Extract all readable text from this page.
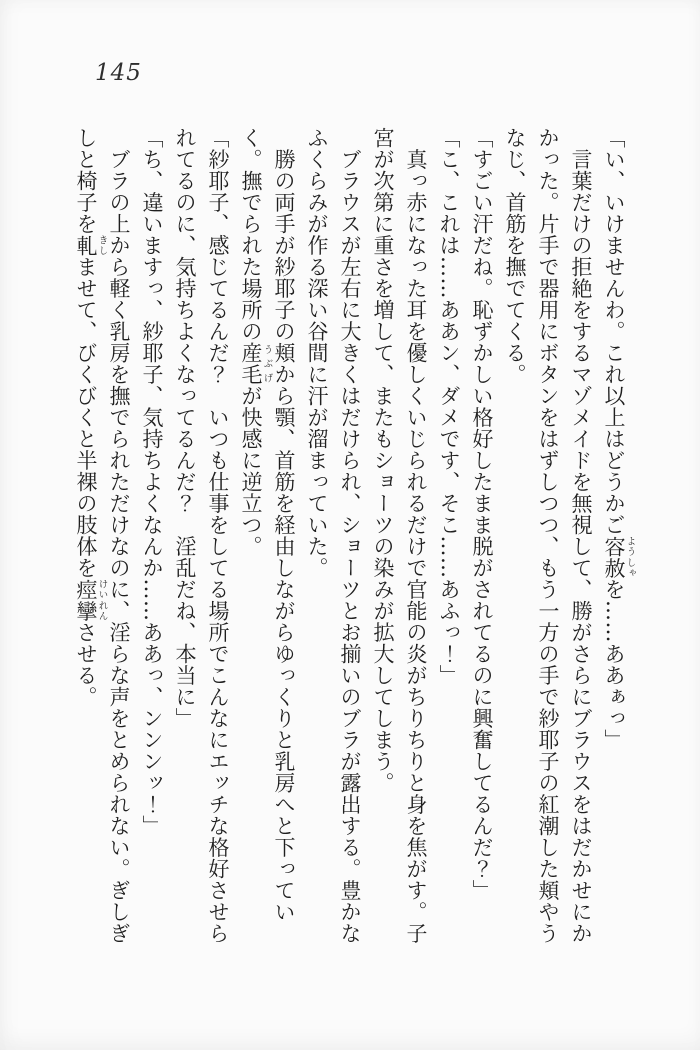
145

「い、いけませんわ。これ以上はどうかご容赦ようしゃを……ああぁっ」

　言葉だけの拒絶をするマゾメイドを無視して、勝がさらにブラウスをはだかせにかかった。片手で器用にボタンをはずしつつ、もう一方の手で紗耶子の紅潮した頬やうなじ、首筋を撫でてくる。

「すごい汗だね。恥ずかしい格好したまま脱がされてるのに興奮してるんだ？」

「こ、これは……ああン、ダメです、そこ……あふっ！」

　真っ赤になった耳を優しくいじられるだけで官能の炎がちりちりと身を焦がす。子宮が次第に重さを増して、またもショーツの染みが拡大してしまう。

　ブラウスが左右に大きくはだけられ、ショーツとお揃いのブラが露出する。豊かなふくらみが作る深い谷間に汗が溜まっていた。

　勝の両手が紗耶子の頬から顎、首筋を経由しながらゆっくりと乳房へと下っていく。撫でられた場所の産毛うぶげが快感に逆立つ。

「紗耶子、感じてるんだ？　いつも仕事をしてる場所でこんなにエッチな格好させられてるのに、気持ちよくなってるんだ？　淫乱だね、本当に」

「ち、違いますっ、紗耶子、気持ちよくなんか……ああっ、ンンンッ！」

　ブラの上から軽く乳房を撫でられただけなのに、淫らな声をとめられない。ぎしぎしと椅子を軋きしませて、びくびくと半裸の肢体を痙攣けいれんさせる。
